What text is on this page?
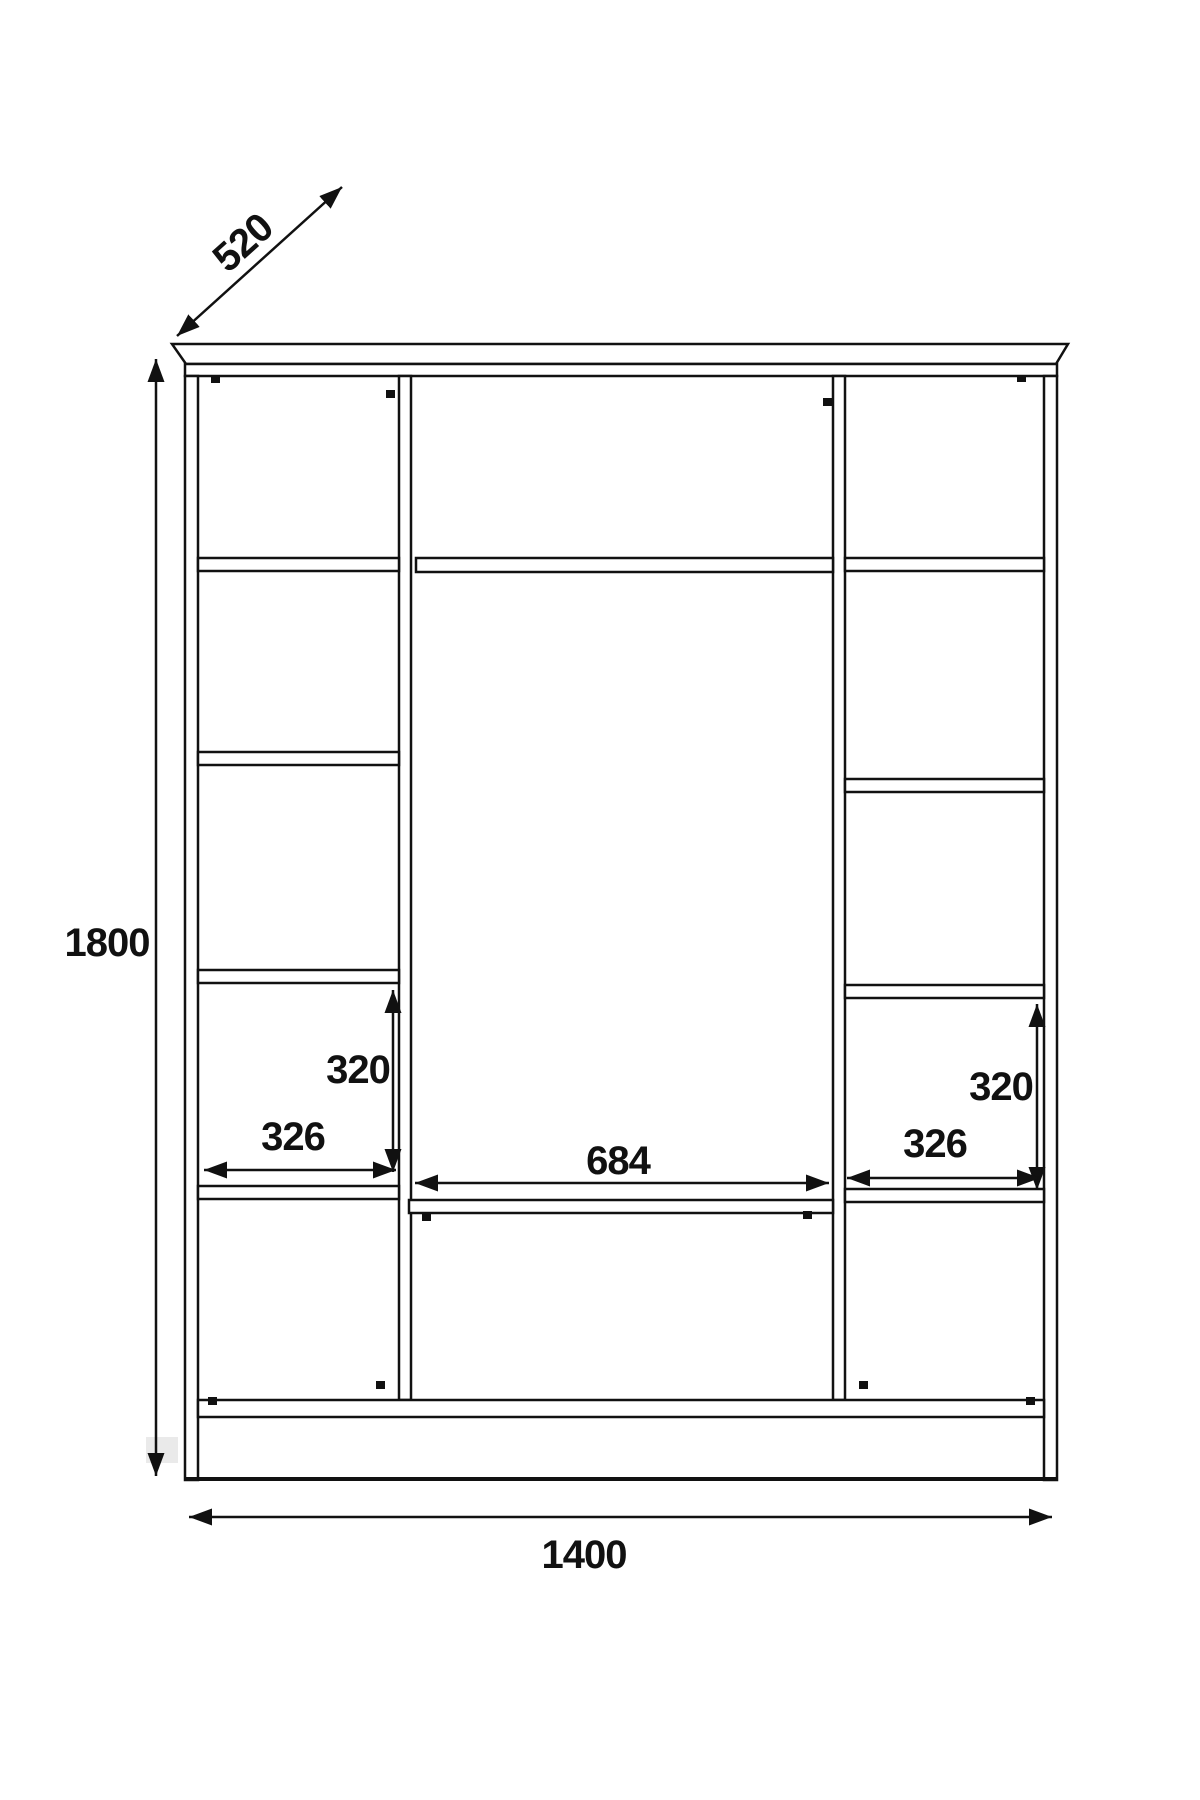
520
1800
1400
320
326
684
320
326
